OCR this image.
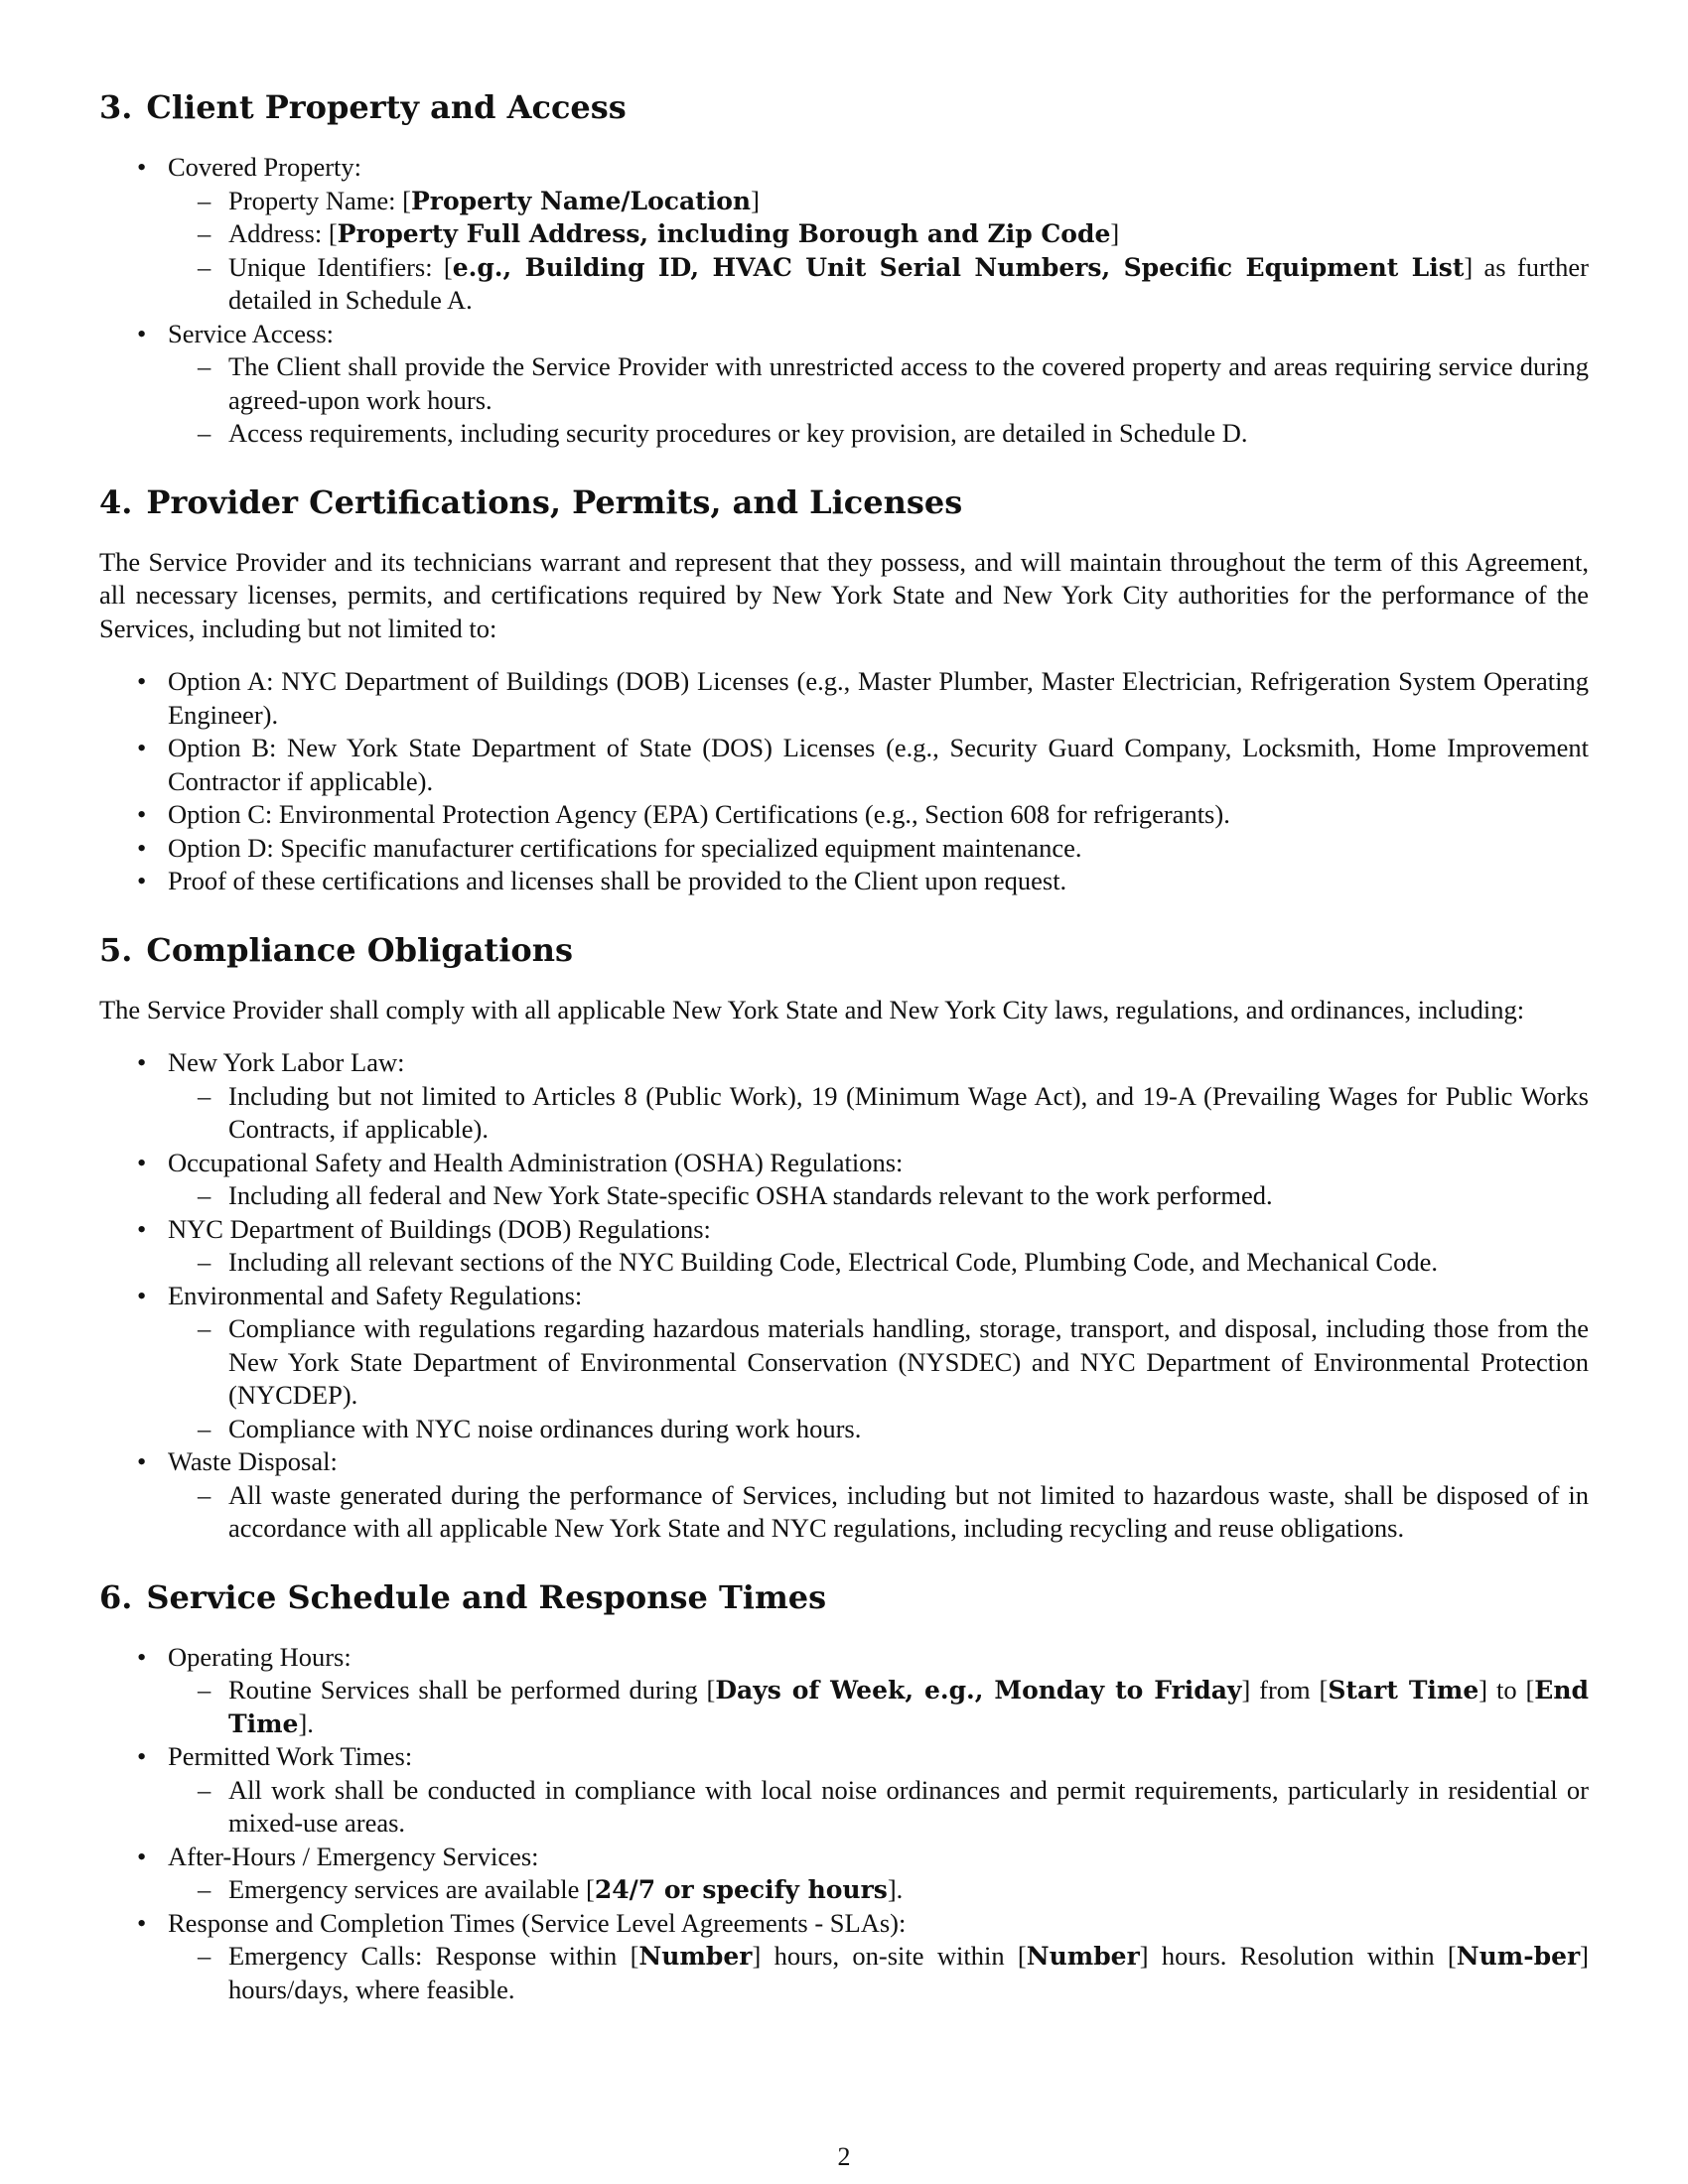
3. Client Property and Access
• Covered Property:
– Property Name: [Property Name/Location]
– Address: [Property Full Address, including Borough and Zip Code]
– Unique Identifiers: [e.g., Building ID, HVAC Unit Serial Numbers, Specific Equipment List] as further detailed in Schedule A.
• Service Access:
– The Client shall provide the Service Provider with unrestricted access to the covered property and areas requiring service during agreed-upon work hours.
– Access requirements, including security procedures or key provision, are detailed in Schedule D.
4. Provider Certifications, Permits, and Licenses

The Service Provider and its technicians warrant and represent that they possess, and will maintain throughout the term of this Agreement, all necessary licenses, permits, and certifications required by New York State and New York City authorities for the performance of the Services, including but not limited to:

• Option A: NYC Department of Buildings (DOB) Licenses (e.g., Master Plumber, Master Electrician, Refrigeration System Operating Engineer).
• Option B: New York State Department of State (DOS) Licenses (e.g., Security Guard Company, Locksmith, Home Improvement Contractor if applicable).
• Option C: Environmental Protection Agency (EPA) Certifications (e.g., Section 608 for refrigerants).
• Option D: Specific manufacturer certifications for specialized equipment maintenance.
• Proof of these certifications and licenses shall be provided to the Client upon request.
5. Compliance Obligations

The Service Provider shall comply with all applicable New York State and New York City laws, regulations, and ordinances, including:

• New York Labor Law:
– Including but not limited to Articles 8 (Public Work), 19 (Minimum Wage Act), and 19-A (Prevailing Wages for Public Works Contracts, if applicable).
• Occupational Safety and Health Administration (OSHA) Regulations:
– Including all federal and New York State-specific OSHA standards relevant to the work performed.
• NYC Department of Buildings (DOB) Regulations:
– Including all relevant sections of the NYC Building Code, Electrical Code, Plumbing Code, and Mechanical Code.
• Environmental and Safety Regulations:
– Compliance with regulations regarding hazardous materials handling, storage, transport, and disposal, including those from the New York State Department of Environmental Conservation (NYSDEC) and NYC Department of Environmental Protection (NYCDEP).
– Compliance with NYC noise ordinances during work hours.
• Waste Disposal:
– All waste generated during the performance of Services, including but not limited to hazardous waste, shall be disposed of in accordance with all applicable New York State and NYC regulations, including recycling and reuse obligations.
6. Service Schedule and Response Times
• Operating Hours:
– Routine Services shall be performed during [Days of Week, e.g., Monday to Friday] from [Start Time] to [End Time].
• Permitted Work Times:
– All work shall be conducted in compliance with local noise ordinances and permit requirements, particularly in residential or mixed-use areas.
• After-Hours / Emergency Services:
– Emergency services are available [24/7 or specify hours].
• Response and Completion Times (Service Level Agreements - SLAs):
– Emergency Calls: Response within [Number] hours, on-site within [Number] hours. Resolution within [Num-ber] hours/days, where feasible.
2
